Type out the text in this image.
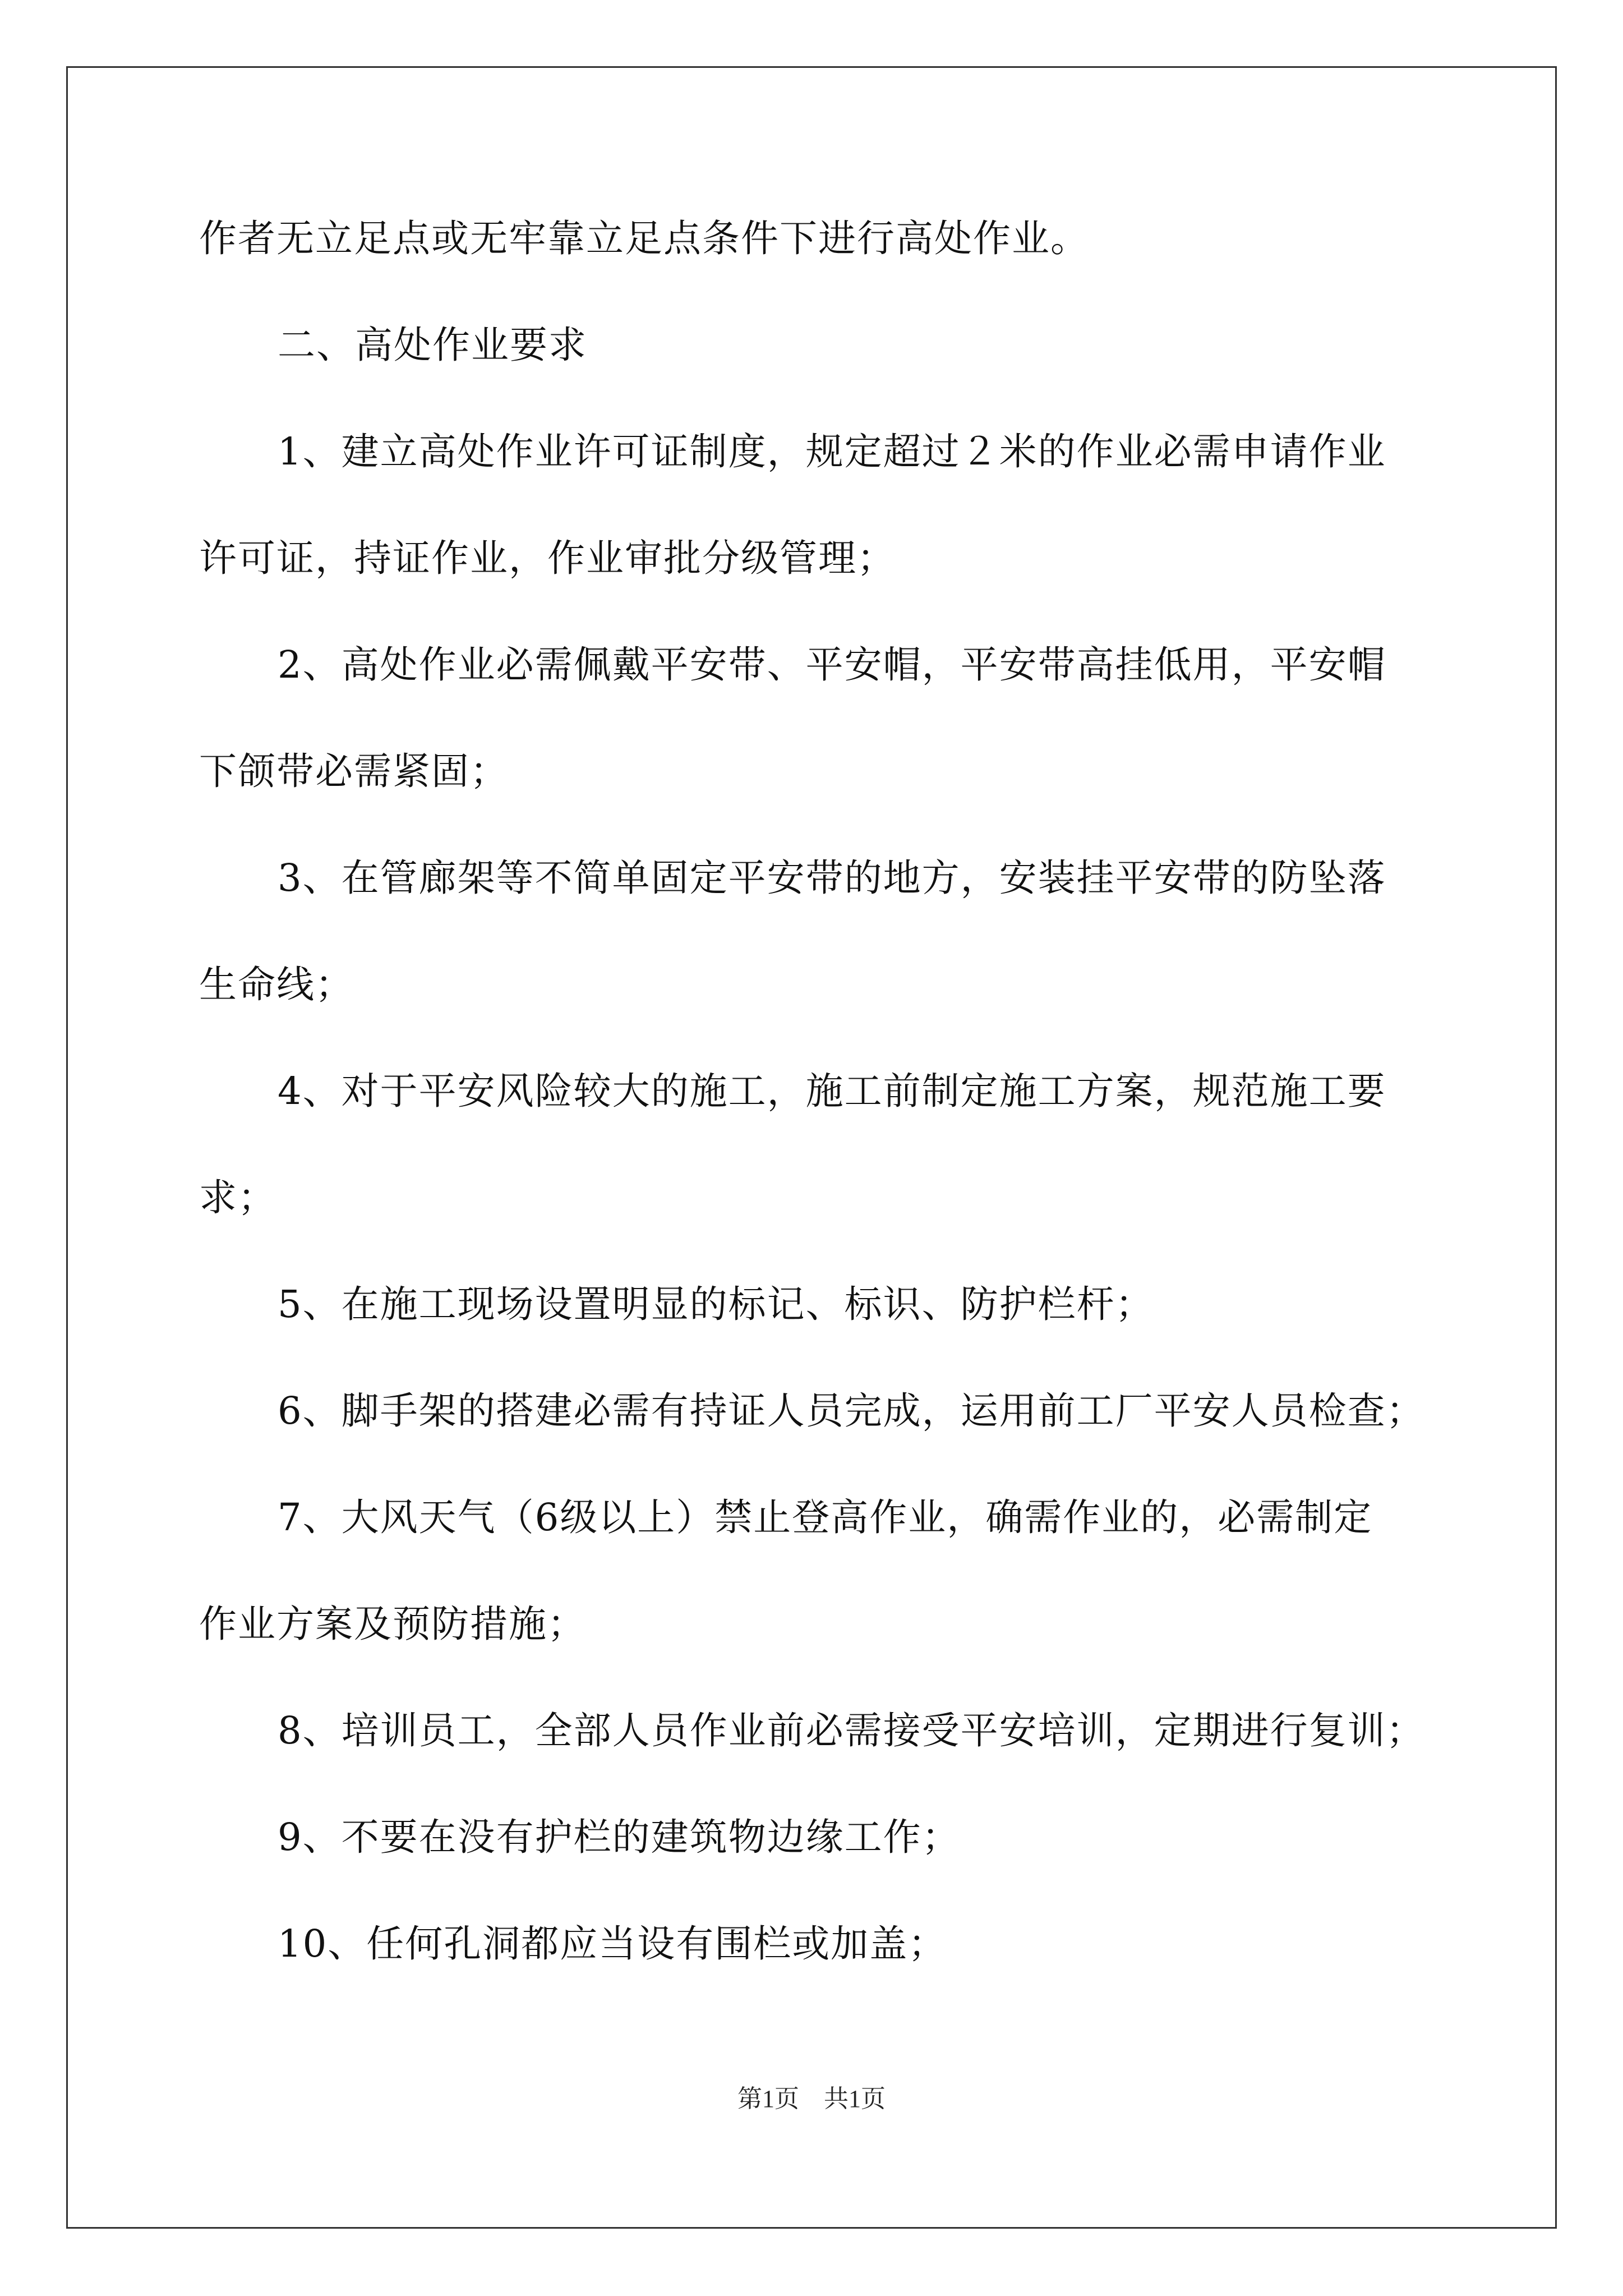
作者无立足点或无牢靠立足点条件下进行高处作业。
二、高处作业要求
1、建立高处作业许可证制度，规定超过２米的作业必需申请作业
许可证，持证作业，作业审批分级管理；
2、高处作业必需佩戴平安带、平安帽，平安带高挂低用，平安帽
下颌带必需紧固；
3、在管廊架等不简单固定平安带的地方，安装挂平安带的防坠落
生命线；
4、对于平安风险较大的施工，施工前制定施工方案，规范施工要
求；
5、在施工现场设置明显的标记、标识、防护栏杆；
6、脚手架的搭建必需有持证人员完成，运用前工厂平安人员检查；
7、大风天气（6级以上）禁止登高作业，确需作业的，必需制定
作业方案及预防措施；
8、培训员工，全部人员作业前必需接受平安培训，定期进行复训；
9、不要在没有护栏的建筑物边缘工作；
10、任何孔洞都应当设有围栏或加盖；
第1页　共1页
